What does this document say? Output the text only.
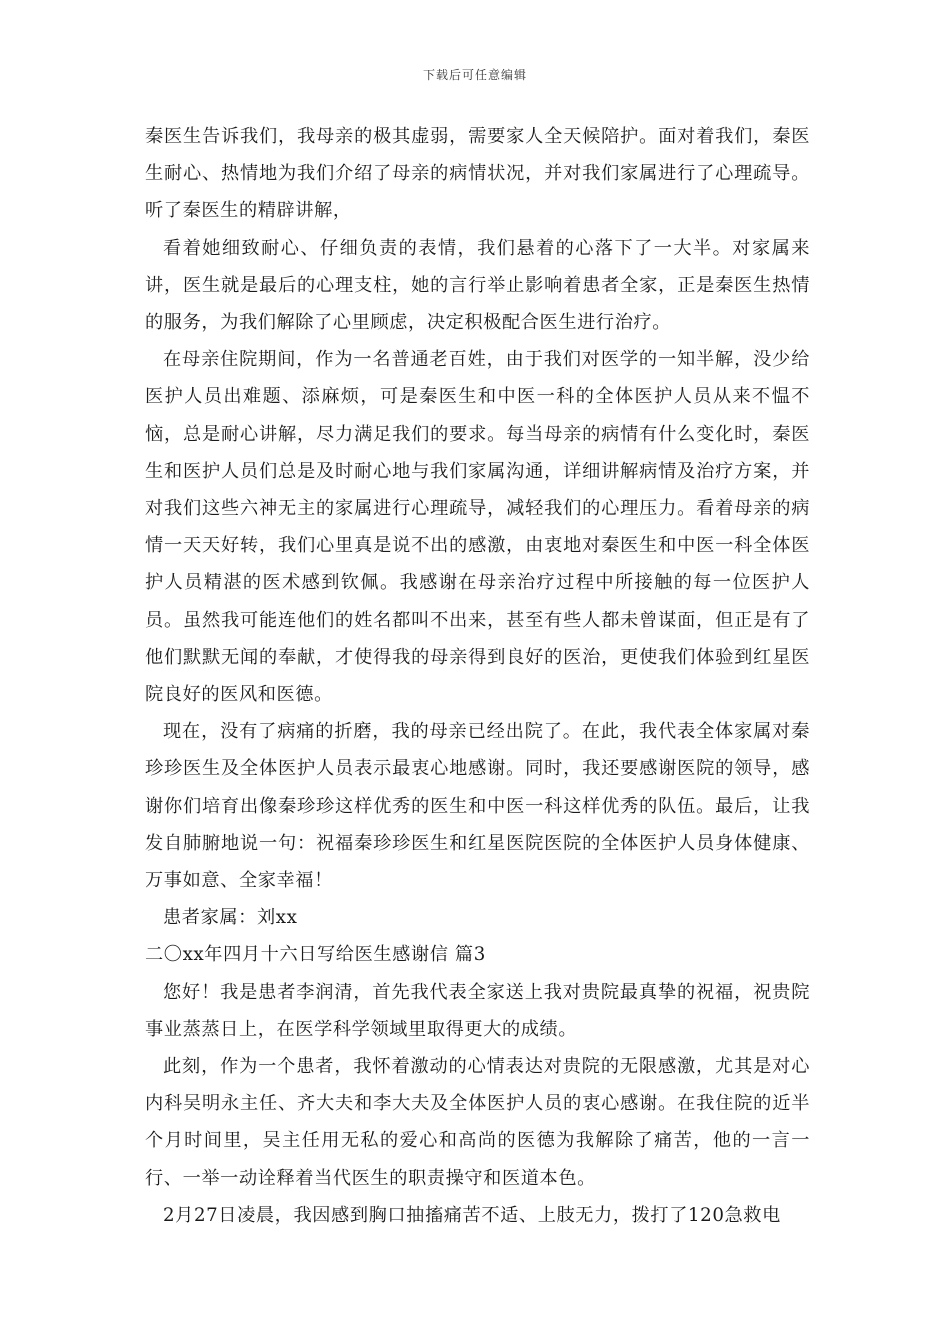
下载后可任意编辑

秦医生告诉我们，我母亲的极其虚弱，需要家人全天候陪护。面对着我们，秦医生耐心、热情地为我们介绍了母亲的病情状况，并对我们家属进行了心理疏导。听了秦医生的精辟讲解，

看着她细致耐心、仔细负责的表情，我们悬着的心落下了一大半。对家属来讲，医生就是最后的心理支柱，她的言行举止影响着患者全家，正是秦医生热情的服务，为我们解除了心里顾虑，决定积极配合医生进行治疗。

在母亲住院期间，作为一名普通老百姓，由于我们对医学的一知半解，没少给医护人员出难题、添麻烦，可是秦医生和中医一科的全体医护人员从来不愠不恼，总是耐心讲解，尽力满足我们的要求。每当母亲的病情有什么变化时，秦医生和医护人员们总是及时耐心地与我们家属沟通，详细讲解病情及治疗方案，并对我们这些六神无主的家属进行心理疏导，减轻我们的心理压力。看着母亲的病情一天天好转，我们心里真是说不出的感激，由衷地对秦医生和中医一科全体医护人员精湛的医术感到钦佩。我感谢在母亲治疗过程中所接触的每一位医护人员。虽然我可能连他们的姓名都叫不出来，甚至有些人都未曾谋面，但正是有了他们默默无闻的奉献，才使得我的母亲得到良好的医治，更使我们体验到红星医院良好的医风和医德。

现在，没有了病痛的折磨，我的母亲已经出院了。在此，我代表全体家属对秦珍珍医生及全体医护人员表示最衷心地感谢。同时，我还要感谢医院的领导，感谢你们培育出像秦珍珍这样优秀的医生和中医一科这样优秀的队伍。最后，让我发自肺腑地说一句：祝福秦珍珍医生和红星医院医院的全体医护人员身体健康、万事如意、全家幸福！

患者家属：刘xx

二〇xx年四月十六日写给医生感谢信 篇3

您好！我是患者李润清，首先我代表全家送上我对贵院最真挚的祝福，祝贵院事业蒸蒸日上，在医学科学领域里取得更大的成绩。

此刻，作为一个患者，我怀着激动的心情表达对贵院的无限感激，尤其是对心内科吴明永主任、齐大夫和李大夫及全体医护人员的衷心感谢。在我住院的近半个月时间里，吴主任用无私的爱心和高尚的医德为我解除了痛苦，他的一言一行、一举一动诠释着当代医生的职责操守和医道本色。

2月27日凌晨，我因感到胸口抽搐痛苦不适、上肢无力，拨打了120急救电
